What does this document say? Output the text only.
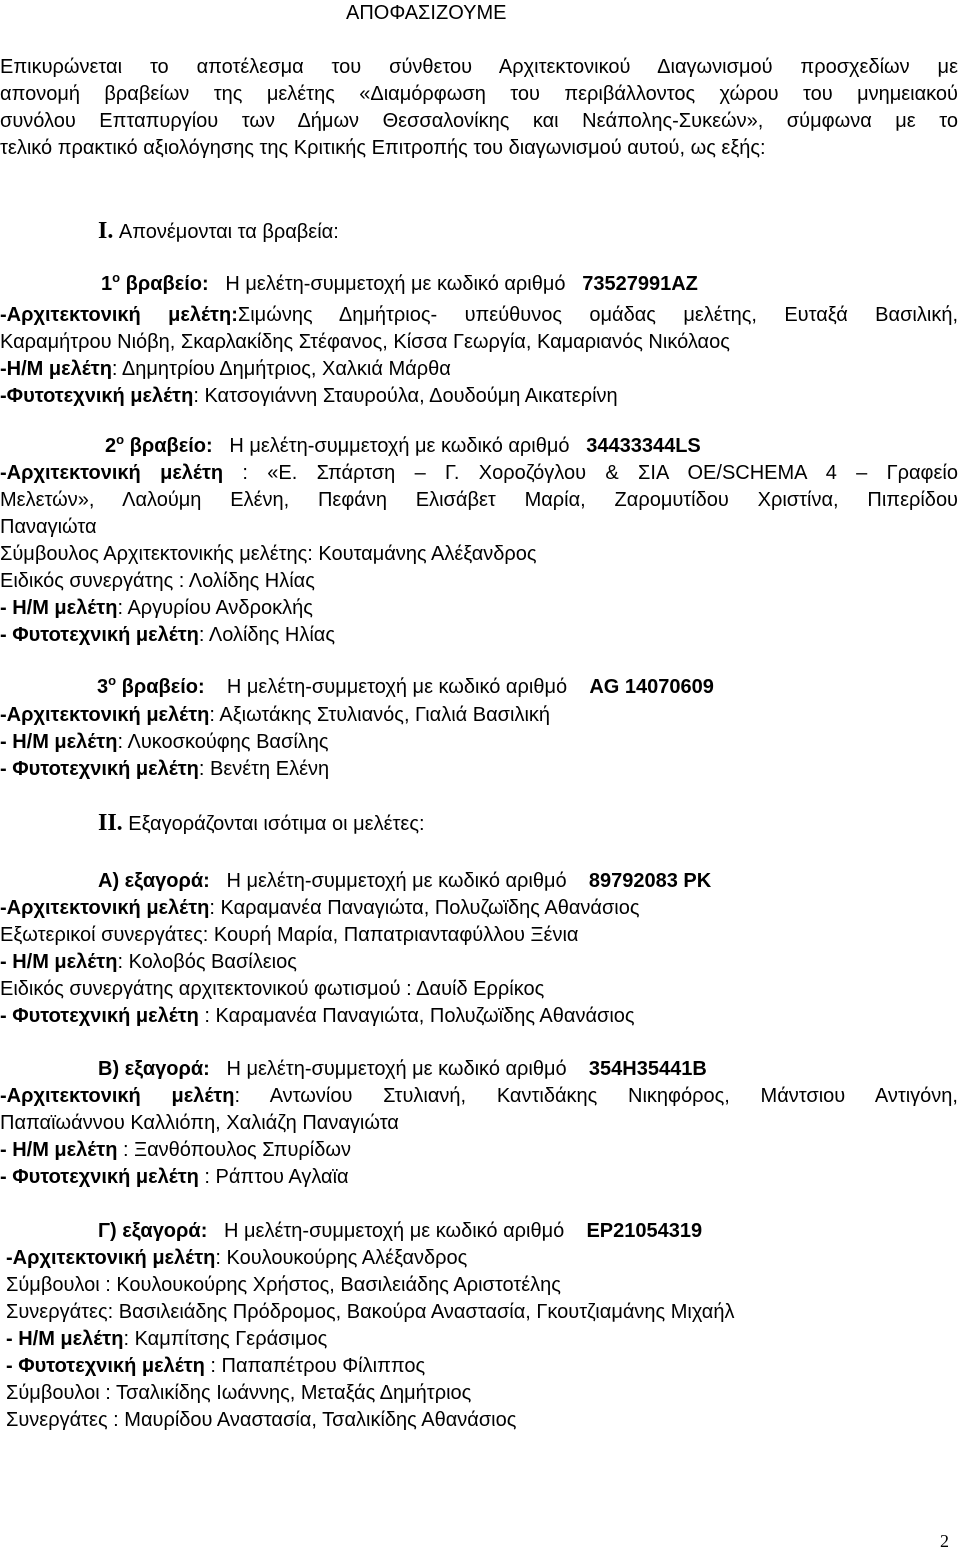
ΑΠΟΦΑΣΙΖΟΥΜΕ
Επικυρώνεται το αποτέλεσμα του σύνθετου Αρχιτεκτονικού Διαγωνισμού προσχεδίων με
απονομή βραβείων της μελέτης «Διαμόρφωση του περιβάλλοντος χώρου του μνημειακού
συνόλου Επταπυργίου των Δήμων Θεσσαλονίκης και Νεάπολης-Συκεών», σύμφωνα με το
τελικό πρακτικό αξιολόγησης της Κριτικής Επιτροπής του διαγωνισμού αυτού, ως εξής:
I. Απονέμονται τα βραβεία:
$1^o$ βραβείο: Η μελέτη-συμμετοχή με κωδικό αριθμό 73527991ΑΖ
-Αρχιτεκτονική μελέτη:Σιμώνης Δημήτριος- υπεύθυνος ομάδας μελέτης, Ευταξά Βασιλική,
Καραμήτρου Νιόβη, Σκαρλακίδης Στέφανος, Κίσσα Γεωργία, Καμαριανός Νικόλαος
-Η/Μ μελέτη: Δημητρίου Δημήτριος, Χαλκιά Μάρθα
-Φυτοτεχνική μελέτη: Κατσογιάννη Σταυρούλα, Δουδούμη Αικατερίνη
$2^o$ βραβείο: Η μελέτη-συμμετοχή με κωδικό αριθμό 34433344LS
-Αρχιτεκτονική μελέτη : «Ε. Σπάρτση – Γ. Χοροζόγλου & ΣΙΑ ΟΕ/SCHEMA 4 – Γραφείο
Μελετών», Λαλούμη Ελένη, Πεφάνη Ελισάβετ Μαρία, Ζαρομυτίδου Χριστίνα, Πιπερίδου
Παναγιώτα
Σύμβουλος Αρχιτεκτονικής μελέτης: Κουταμάνης Αλέξανδρος
Ειδικός συνεργάτης : Λολίδης Ηλίας
- Η/Μ μελέτη: Αργυρίου Ανδροκλής
- Φυτοτεχνική μελέτη: Λολίδης Ηλίας
$3^o$ βραβείο: Η μελέτη-συμμετοχή με κωδικό αριθμό AG 14070609
-Αρχιτεκτονική μελέτη: Αξιωτάκης Στυλιανός, Γιαλιά Βασιλική
- Η/Μ μελέτη: Λυκοσκούφης Βασίλης
- Φυτοτεχνική μελέτη: Βενέτη Ελένη
II. Εξαγοράζονται ισότιμα οι μελέτες:
Α) εξαγορά: Η μελέτη-συμμετοχή με κωδικό αριθμό 89792083 PK
-Αρχιτεκτονική μελέτη: Καραμανέα Παναγιώτα, Πολυζωϊδης Αθανάσιος
Εξωτερικοί συνεργάτες: Κουρή Μαρία, Παπατριανταφύλλου Ξένια
- Η/Μ μελέτη: Κολοβός Βασίλειος
Ειδικός συνεργάτης αρχιτεκτονικού φωτισμού : Δαυίδ Ερρίκος
- Φυτοτεχνική μελέτη : Καραμανέα Παναγιώτα, Πολυζωϊδης Αθανάσιος
Β) εξαγορά: Η μελέτη-συμμετοχή με κωδικό αριθμό 354H35441B
-Αρχιτεκτονική μελέτη: Αντωνίου Στυλιανή, Καντιδάκης Νικηφόρος, Μάντσιου Αντιγόνη,
Παπαϊωάννου Καλλιόπη, Χαλιάζη Παναγιώτα
- Η/Μ μελέτη : Ξανθόπουλος Σπυρίδων
- Φυτοτεχνική μελέτη : Ράπτου Αγλαϊα
Γ) εξαγορά: Η μελέτη-συμμετοχή με κωδικό αριθμό ΕΡ21054319
-Αρχιτεκτονική μελέτη: Κουλουκούρης Αλέξανδρος
Σύμβουλοι : Κουλουκούρης Χρήστος, Βασιλειάδης Αριστοτέλης
Συνεργάτες: Βασιλειάδης Πρόδρομος, Βακούρα Αναστασία, Γκουτζιαμάνης Μιχαήλ
- Η/Μ μελέτη: Καμπίτσης Γεράσιμος
- Φυτοτεχνική μελέτη : Παπαπέτρου Φίλιππος
Σύμβουλοι : Τσαλικίδης Ιωάννης, Μεταξάς Δημήτριος
Συνεργάτες : Μαυρίδου Αναστασία, Τσαλικίδης Αθανάσιος
2
